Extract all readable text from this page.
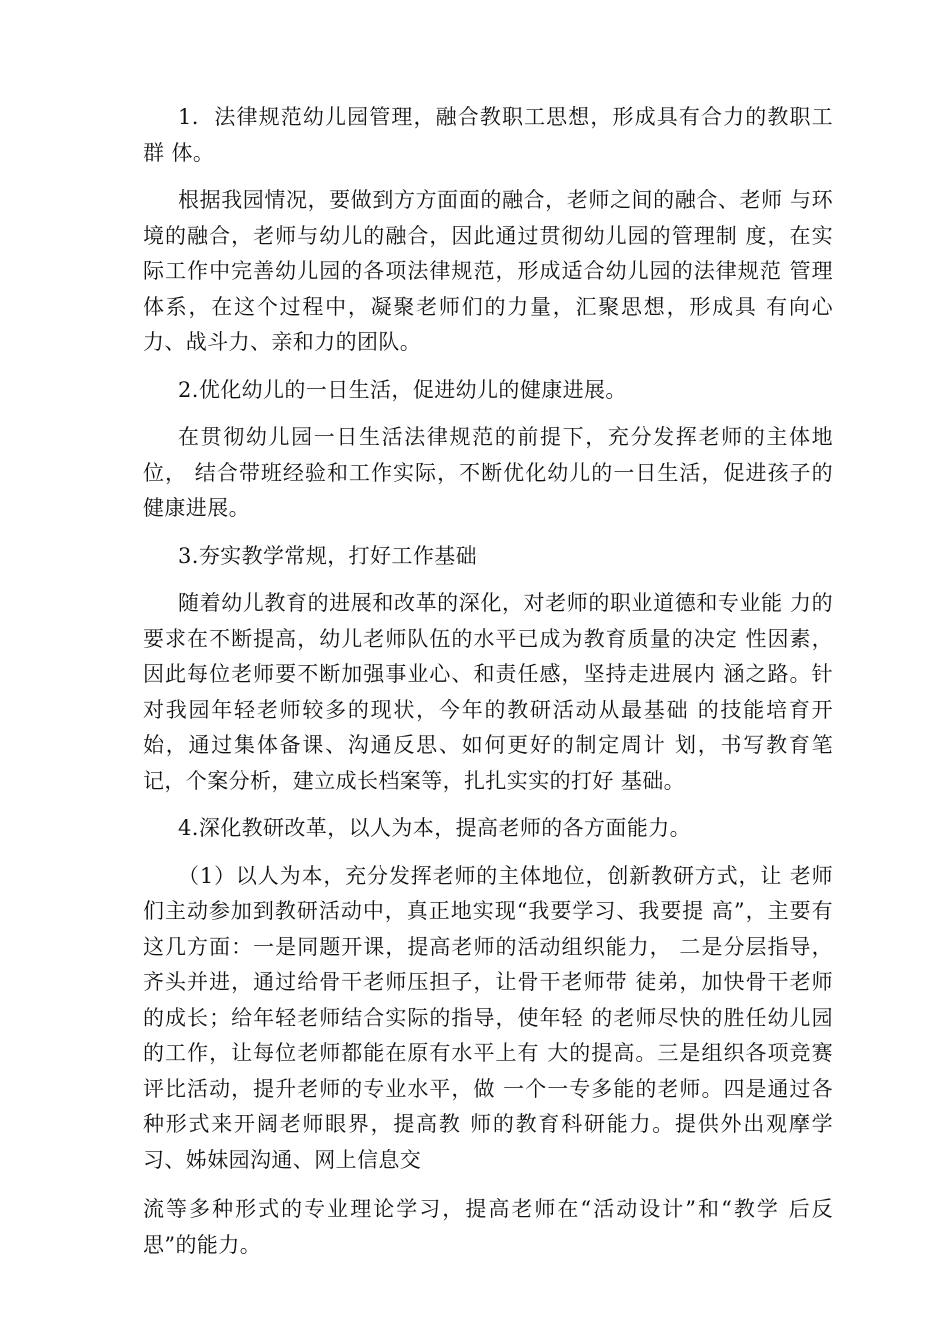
1.  法律规范幼儿园管理，融合教职工思想，形成具有合力的教职工群 体。

根据我园情况，要做到方方面面的融合，老师之间的融合、老师 与环境的融合，老师与幼儿的融合，因此通过贯彻幼儿园的管理制 度，在实际工作中完善幼儿园的各项法律规范，形成适合幼儿园的法律规范 管理体系，在这个过程中，凝聚老师们的力量，汇聚思想，形成具 有向心力、战斗力、亲和力的团队。

2.优化幼儿的一日生活，促进幼儿的健康进展。

在贯彻幼儿园一日生活法律规范的前提下，充分发挥老师的主体地位， 结合带班经验和工作实际，不断优化幼儿的一日生活，促进孩子的健康进展。

3.夯实教学常规，打好工作基础

随着幼儿教育的进展和改革的深化，对老师的职业道德和专业能 力的要求在不断提高，幼儿老师队伍的水平已成为教育质量的决定 性因素，因此每位老师要不断加强事业心、和责任感，坚持走进展内 涵之路。针对我园年轻老师较多的现状，今年的教研活动从最基础 的技能培育开始，通过集体备课、沟通反思、如何更好的制定周计 划，书写教育笔记，个案分析，建立成长档案等，扎扎实实的打好 基础。

4.深化教研改革，以人为本，提高老师的各方面能力。

（1）以人为本，充分发挥老师的主体地位，创新教研方式，让 老师们主动参加到教研活动中，真正地实现“我要学习、我要提 高”，主要有这几方面：一是同题开课，提高老师的活动组织能力， 二是分层指导，齐头并进，通过给骨干老师压担子，让骨干老师带 徒弟，加快骨干老师的成长；给年轻老师结合实际的指导，使年轻 的老师尽快的胜任幼儿园的工作，让每位老师都能在原有水平上有 大的提高。三是组织各项竞赛评比活动，提升老师的专业水平，做 一个一专多能的老师。四是通过各种形式来开阔老师眼界，提高教 师的教育科研能力。提供外出观摩学习、姊妹园沟通、网上信息交

流等多种形式的专业理论学习，提高老师在“活动设计”和“教学 后反思”的能力。
